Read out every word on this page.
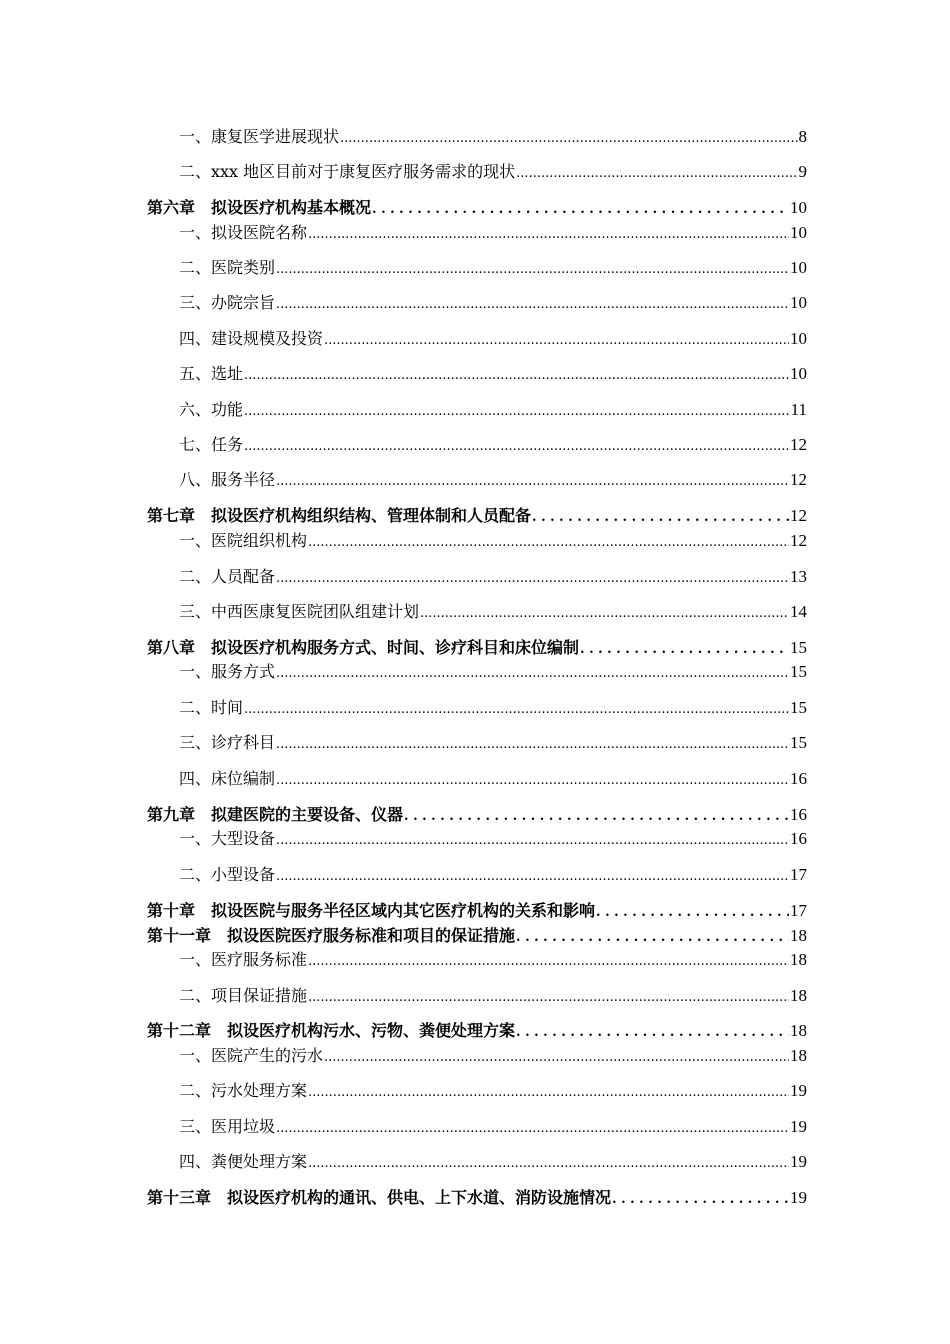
一、康复医学进展现状 .....	8
二、xxx 地区目前对于康复医疗服务需求的现状 .....	9
第六章　拟设医疗机构基本概况 . . .	10
一、拟设医院名称 .....	10
二、医院类别 .....	10
三、办院宗旨 .....	10
四、建设规模及投资 .....	10
五、选址 .....	10
六、功能 .....	11
七、任务 .....	12
八、服务半径 .....	12
第七章　拟设医疗机构组织结构、管理体制和人员配备 . . .	12
一、医院组织机构 .....	12
二、人员配备 .....	13
三、中西医康复医院团队组建计划 .....	14
第八章　拟设医疗机构服务方式、时间、诊疗科目和床位编制 . . .	15
一、服务方式 .....	15
二、时间 .....	15
三、诊疗科目 .....	15
四、床位编制 .....	16
第九章　拟建医院的主要设备、仪器 . . .	16
一、大型设备 .....	16
二、小型设备 .....	17
第十章　拟设医院与服务半径区域内其它医疗机构的关系和影响 . . .	17
第十一章　拟设医院医疗服务标准和项目的保证措施 . . .	18
一、医疗服务标准 .....	18
二、项目保证措施 .....	18
第十二章　拟设医疗机构污水、污物、粪便处理方案 . . .	18
一、医院产生的污水 .....	18
二、污水处理方案 .....	19
三、医用垃圾 .....	19
四、粪便处理方案 .....	19
第十三章　拟设医疗机构的通讯、供电、上下水道、消防设施情况 . . .	19
